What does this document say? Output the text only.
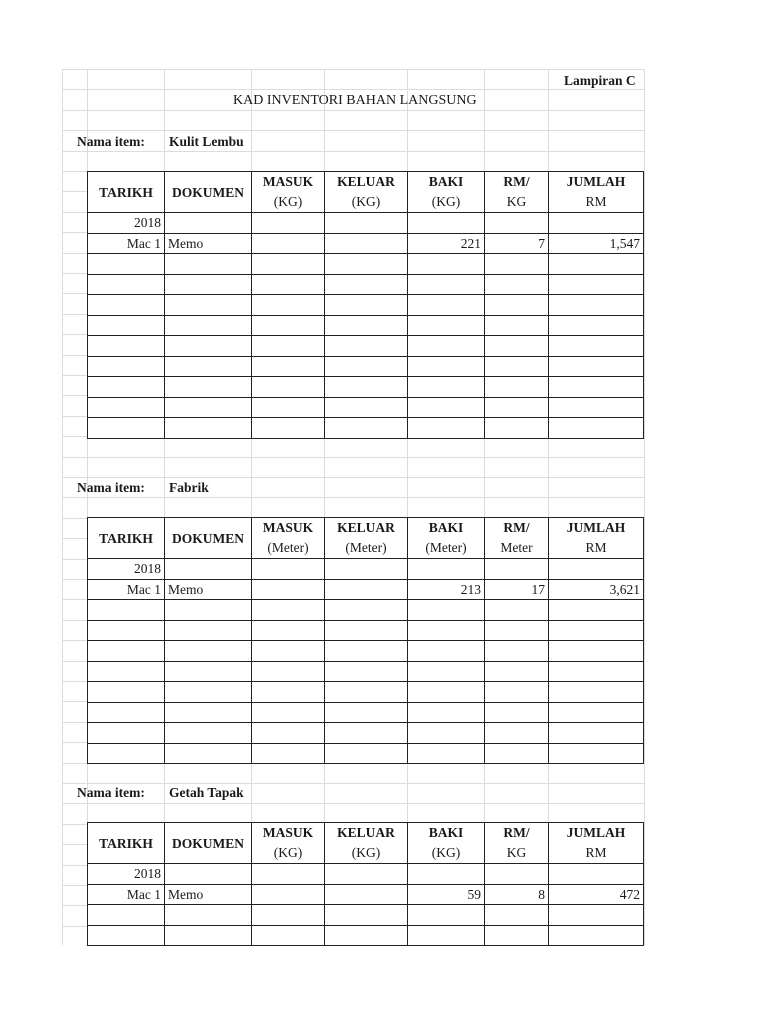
Lampiran C
KAD INVENTORI BAHAN LANGSUNG
Nama item: Kulit Lembu
TARIKH	DOKUMEN	MASUK	KELUAR	BAKI	RM/	JUMLAH
		(KG)	(KG)	(KG)	KG	RM
2018						
Mac 1	Memo			221	7	1,547

Nama item: Fabrik
TARIKH	DOKUMEN	MASUK	KELUAR	BAKI	RM/	JUMLAH
		(Meter)	(Meter)	(Meter)	Meter	RM
2018						
Mac 1	Memo			213	17	3,621

Nama item: Getah Tapak
TARIKH	DOKUMEN	MASUK	KELUAR	BAKI	RM/	JUMLAH
		(KG)	(KG)	(KG)	KG	RM
2018						
Mac 1	Memo			59	8	472
